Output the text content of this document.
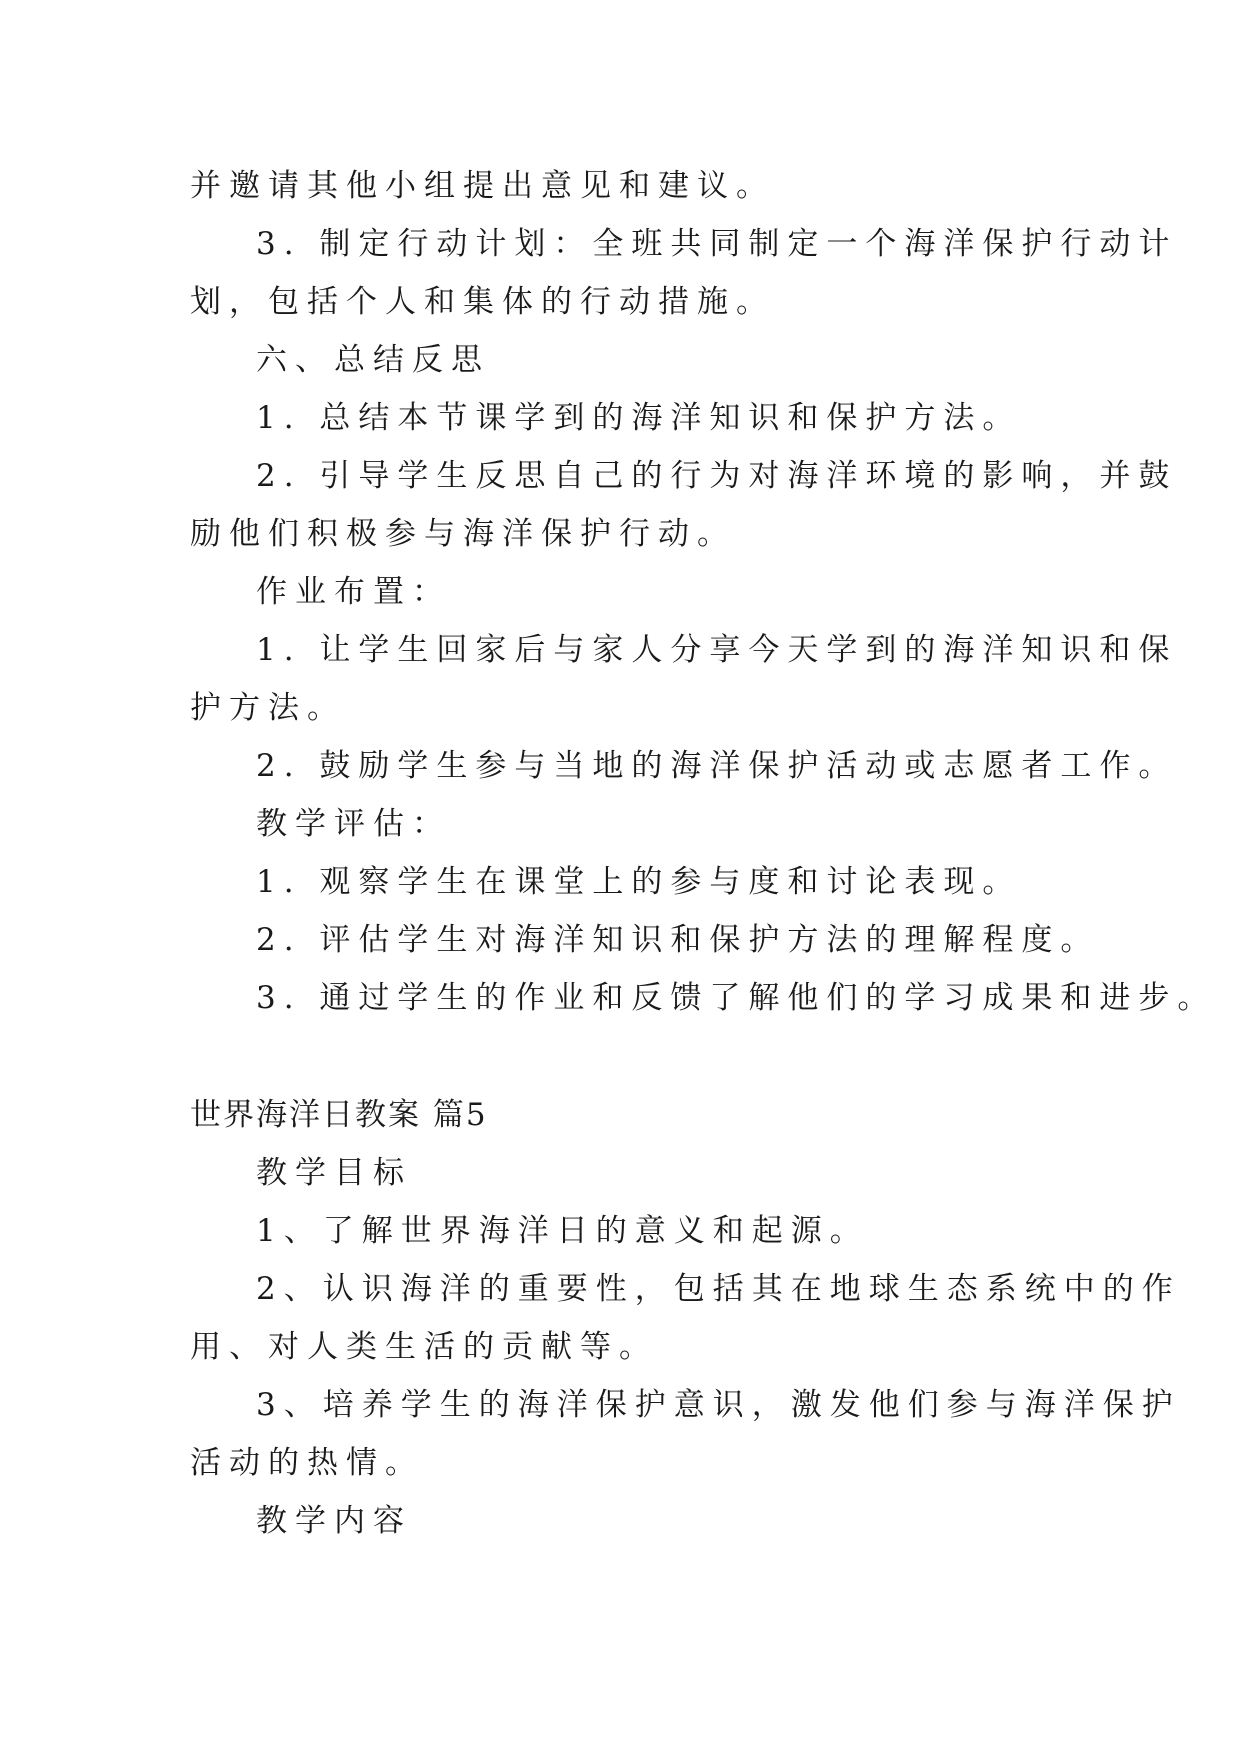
并邀请其他小组提出意见和建议。
3. 制定行动计划：全班共同制定一个海洋保护行动计
划，包括个人和集体的行动措施。
六、总结反思
1. 总结本节课学到的海洋知识和保护方法。
2. 引导学生反思自己的行为对海洋环境的影响，并鼓
励他们积极参与海洋保护行动。
作业布置：
1. 让学生回家后与家人分享今天学到的海洋知识和保
护方法。
2. 鼓励学生参与当地的海洋保护活动或志愿者工作。
教学评估：
1. 观察学生在课堂上的参与度和讨论表现。
2. 评估学生对海洋知识和保护方法的理解程度。
3. 通过学生的作业和反馈了解他们的学习成果和进步。
世界海洋日教案 篇5
教学目标
1、了解世界海洋日的意义和起源。
2、认识海洋的重要性，包括其在地球生态系统中的作
用、对人类生活的贡献等。
3、培养学生的海洋保护意识，激发他们参与海洋保护
活动的热情。
教学内容
